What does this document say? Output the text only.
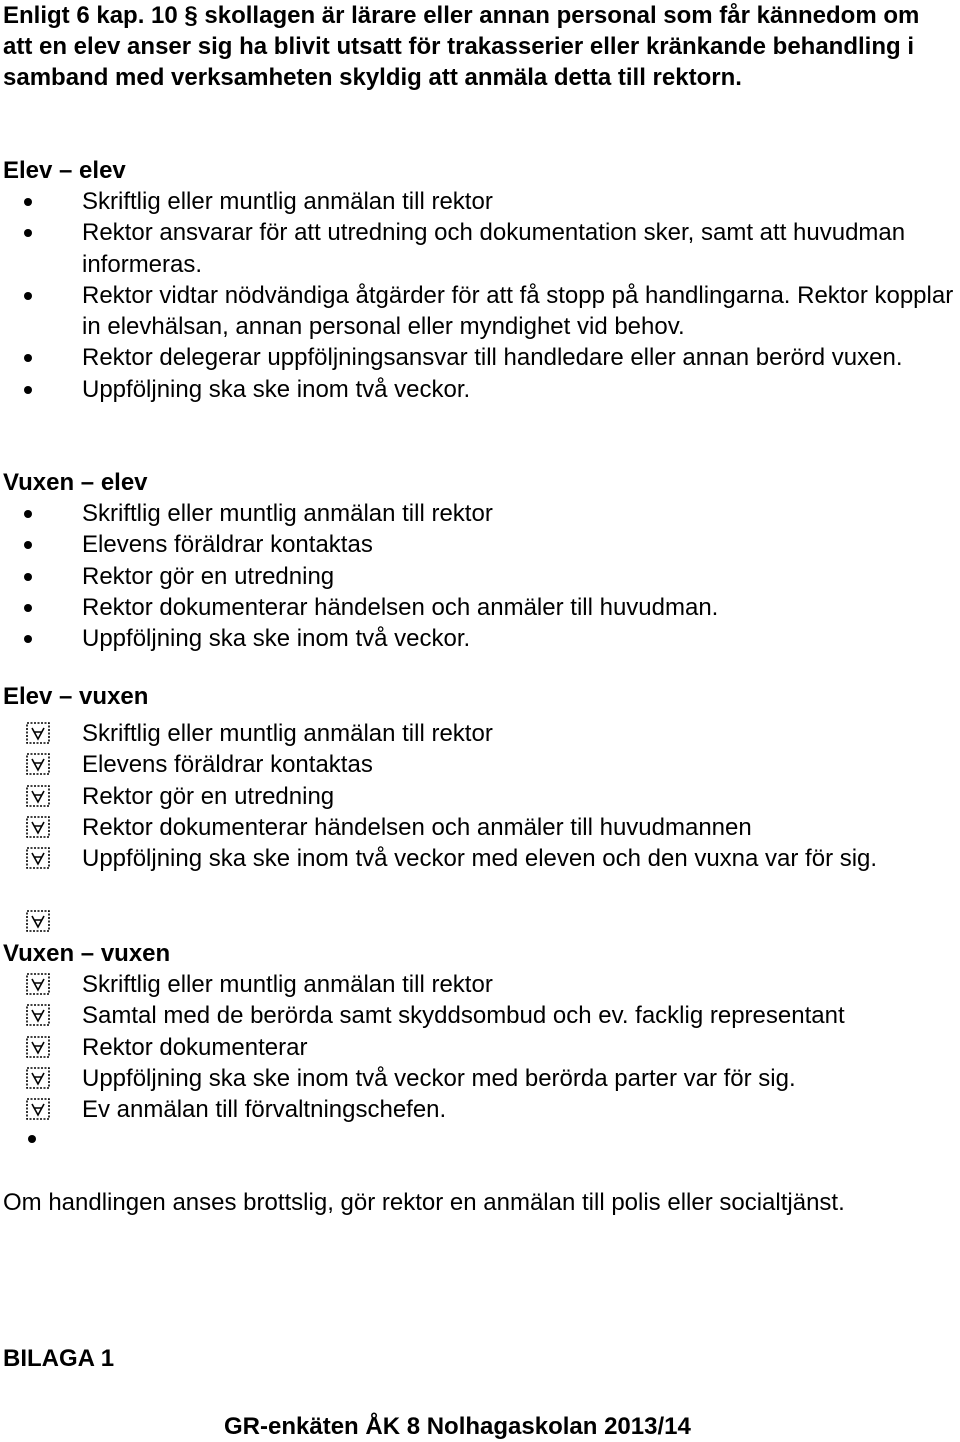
Enligt 6 kap. 10 § skollagen är lärare eller annan personal som får kännedom om att en elev anser sig ha blivit utsatt för trakasserier eller kränkande behandling i samband med verksamheten skyldig att anmäla detta till rektorn.

Elev – elev

Skriftlig eller muntlig anmälan till rektor
Rektor ansvarar för att utredning och dokumentation sker, samt att huvudman informeras.
Rektor vidtar nödvändiga åtgärder för att få stopp på handlingarna. Rektor kopplar in elevhälsan, annan personal eller myndighet vid behov.
Rektor delegerar uppföljningsansvar till handledare eller annan berörd vuxen.
Uppföljning ska ske inom två veckor.

Vuxen – elev

Skriftlig eller muntlig anmälan till rektor
Elevens föräldrar kontaktas
Rektor gör en utredning
Rektor dokumenterar händelsen och anmäler till huvudman.
Uppföljning ska ske inom två veckor.

Elev – vuxen

Skriftlig eller muntlig anmälan till rektor
Elevens föräldrar kontaktas
Rektor gör en utredning
Rektor dokumenterar händelsen och anmäler till huvudmannen
Uppföljning ska ske inom två veckor med eleven och den vuxna var för sig.

Vuxen – vuxen

Skriftlig eller muntlig anmälan till rektor
Samtal med de berörda samt skyddsombud och ev. facklig representant
Rektor dokumenterar
Uppföljning ska ske inom två veckor med berörda parter var för sig.
Ev anmälan till förvaltningschefen.

Om handlingen anses brottslig, gör rektor en anmälan till polis eller socialtjänst.

BILAGA 1

GR-enkäten ÅK 8 Nolhagaskolan 2013/14
